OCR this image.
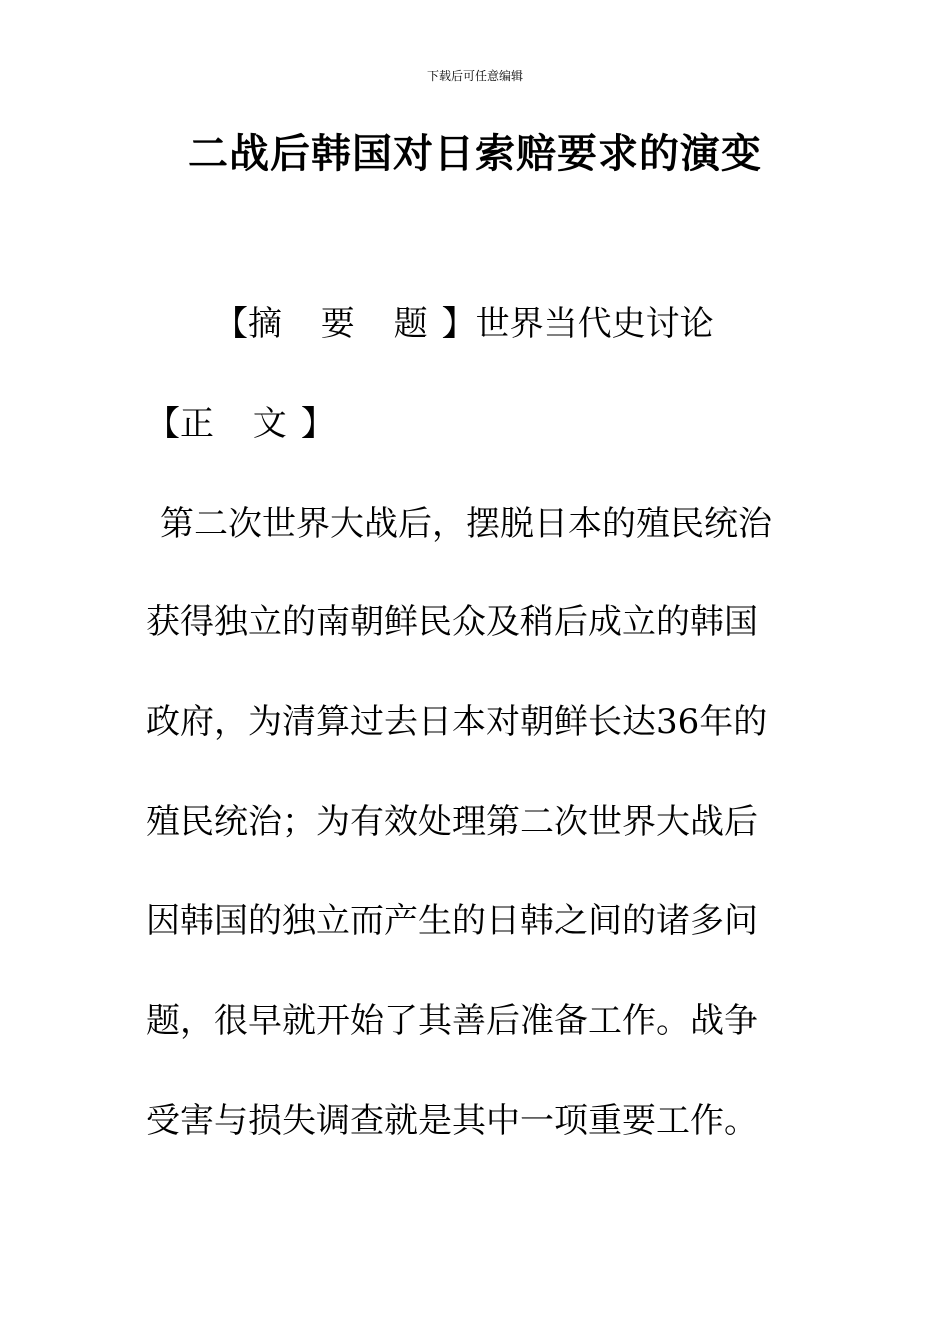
下载后可任意编辑
二战后韩国对日索赔要求的演变
【摘 要 题】世界当代史讨论
【正 文】
第二次世界大战后，摆脱日本的殖民统治
获得独立的南朝鲜民众及稍后成立的韩国
政府，为清算过去日本对朝鲜长达36年的
殖民统治；为有效处理第二次世界大战后
因韩国的独立而产生的日韩之间的诸多问
题，很早就开始了其善后准备工作。战争
受害与损失调查就是其中一项重要工作。
